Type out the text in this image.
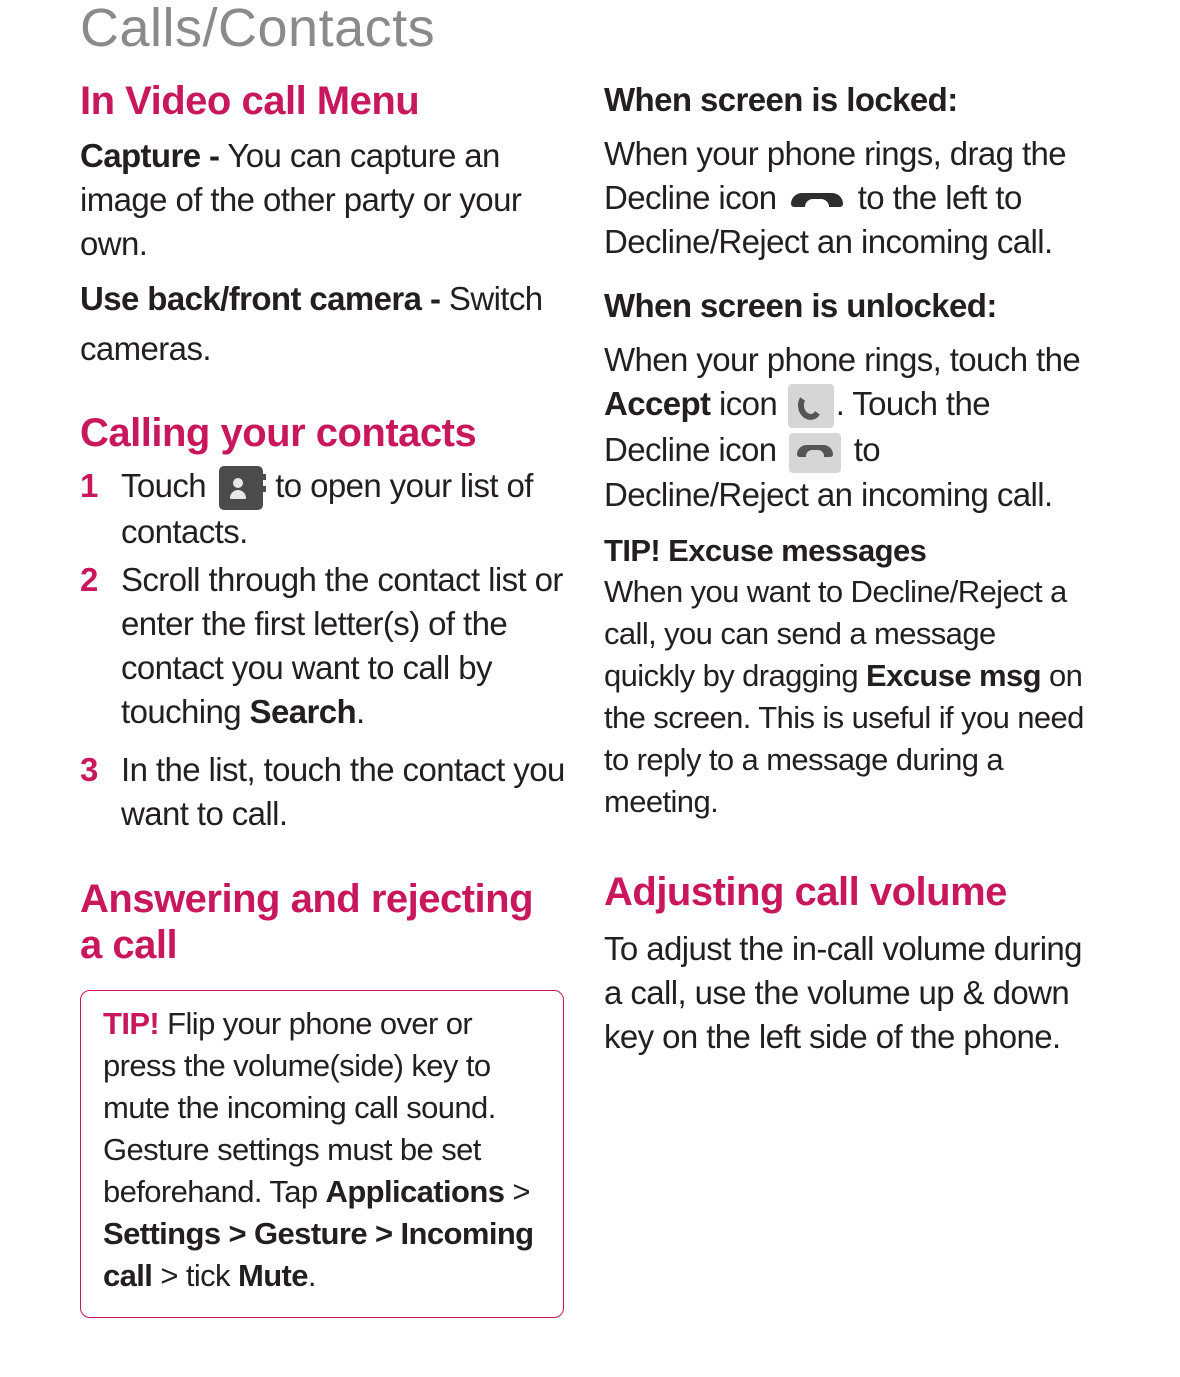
Calls/Contacts
In Video call Menu

Capture - You can capture an image of the other party or your own.

Use back/front camera - Switch cameras.

Calling your contacts
1 Touch
to open your list of contacts.
2 Scroll through the contact list or enter the first letter(s) of the contact you want to call by touching Search.
3 In the list, touch the contact you want to call.
Answering and rejecting a call

TIP! Flip your phone over or press the volume(side) key to mute the incoming call sound. Gesture settings must be set beforehand. Tap Applications > Settings > Gesture > Incoming call > tick Mute.

When screen is locked:

When your phone rings, drag the Decline icon
to the left to Decline/Reject an incoming call.

When screen is unlocked:

When your phone rings, touch the Accept icon
. Touch the Decline icon
to Decline/Reject an incoming call.

TIP! Excuse messages

When you want to Decline/Reject a call, you can send a message quickly by dragging Excuse msg on the screen. This is useful if you need to reply to a message during a meeting.

Adjusting call volume

To adjust the in-call volume during a call, use the volume up & down key on the left side of the phone.
